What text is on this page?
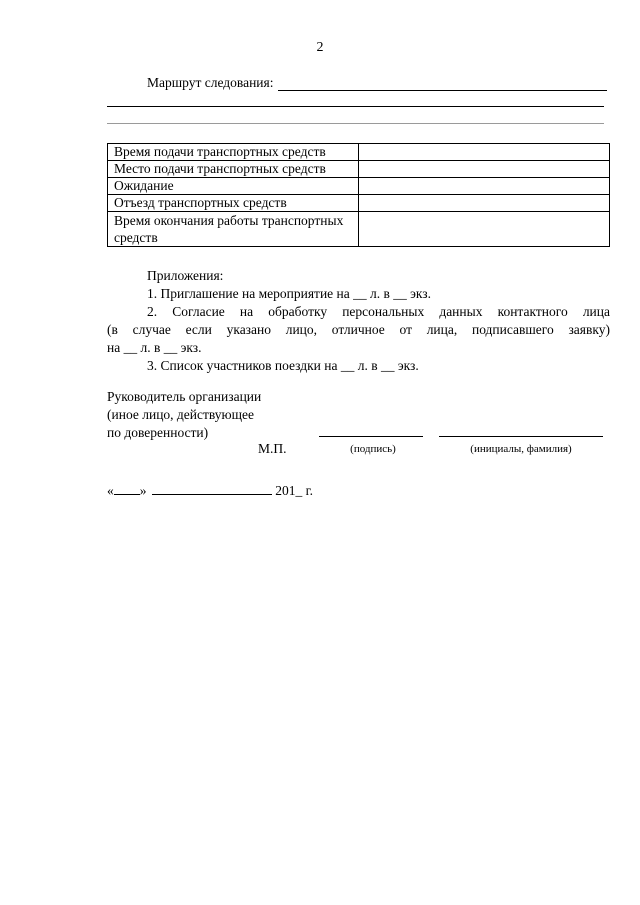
2
Маршрут следования:
Время подачи транспортных средств	
Место подачи транспортных средств	
Ожидание	
Отъезд транспортных средств	
Время окончания работы транспортных средств	
Приложения:
1. Приглашение на мероприятие на __ л. в __ экз.
2. Согласие на обработку персональных данных контактного лица
(в случае если указано лицо, отличное от лица, подписавшего заявку)
на __ л. в __ экз.
3. Список участников поездки на __ л. в __ экз.
Руководитель организации
(иное лицо, действующее
по доверенности)
М.П.	(подпись)	(инициалы, фамилия)
« »	201_ г.
